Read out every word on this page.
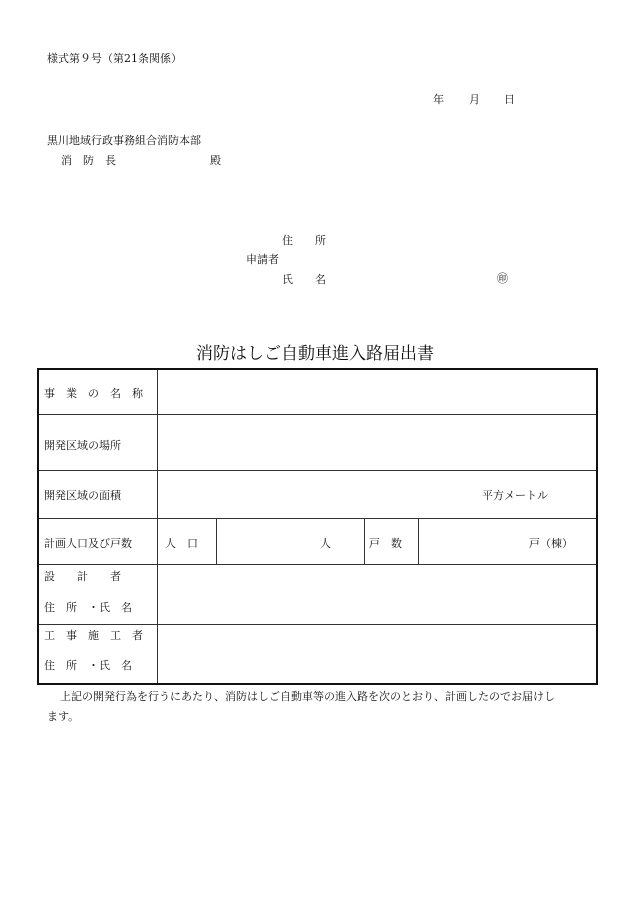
様式第９号（第21条関係）
年 月 日
黒川地域行政事務組合消防本部
消　防　長	殿
住　　所
申請者
氏　　名	㊞
消防はしご自動車進入路届出書
事　業　の　名　称
開発区域の場所
開発区域の面積	平方メートル
計画人口及び戸数	人　口	人	戸　数	戸（棟）
設　　計　　者
住　所　・氏　名
工　事　施　工　者
住　所　・氏　名
上記の開発行為を行うにあたり、消防はしご自動車等の進入路を次のとおり、計画したのでお届けし
ます。
